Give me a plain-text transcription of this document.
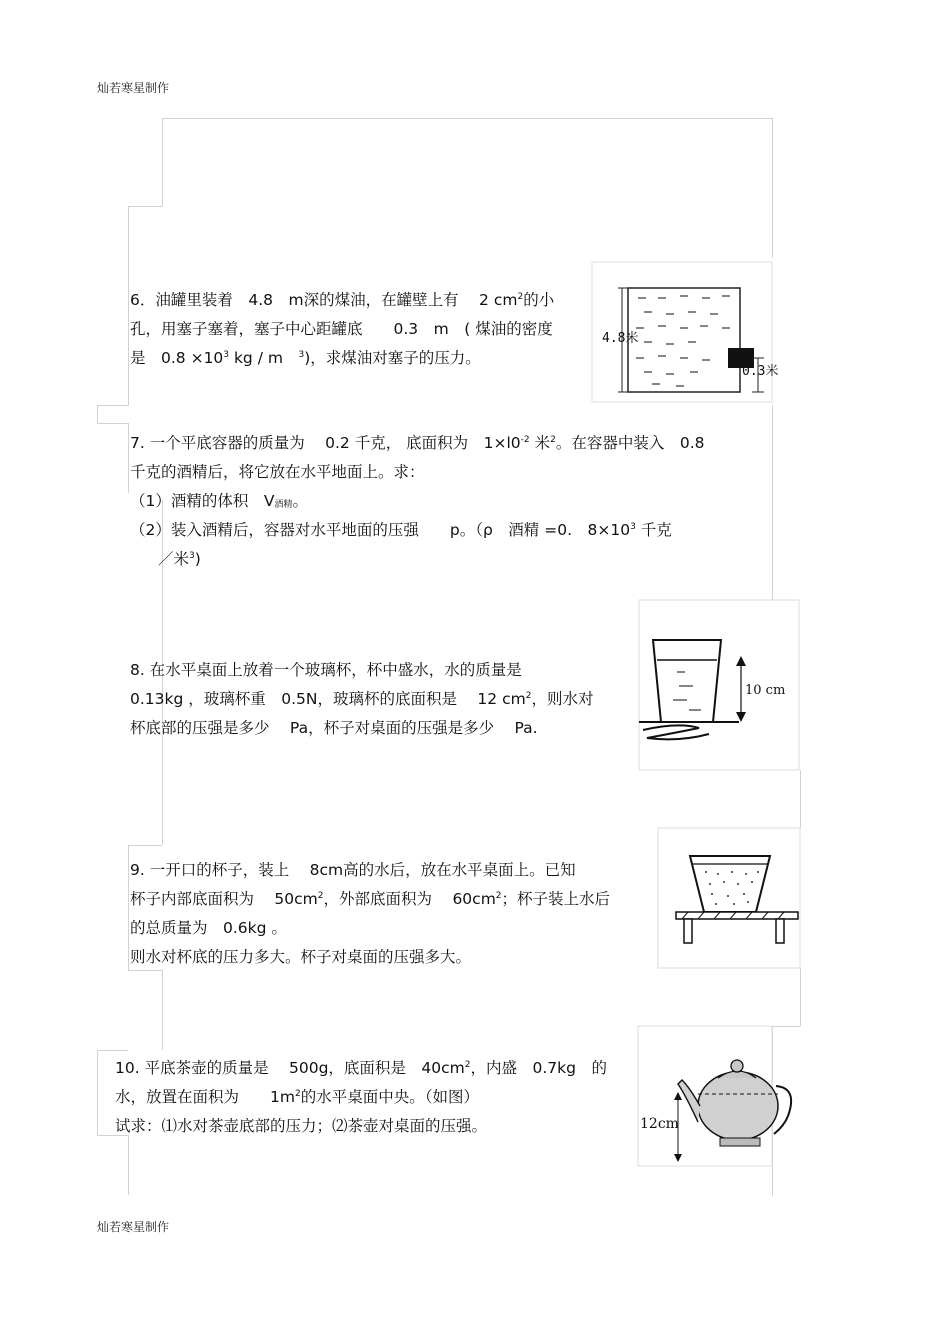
灿若寒星制作
灿若寒星制作
6．油罐里装着　4.8　m深的煤油，在罐壁上有　 2 $cm^2$的小
孔，用塞子塞着，塞子中心距罐底　　0.3　m　( 煤油的密度
是　$0.8 \times 10^3$ kg / m　$^3$)，求煤油对塞子的压力。
4.8米
0.3米
7. 一个平底容器的质量为　 0.2 千克， 底面积为　$1\times l0^{-2}$ 米$^2$。在容器中装入　0.8
千克的酒精后，将它放在水平地面上。求：
（1）酒精的体积　$V_{酒精}$。
（2）装入酒精后，容器对水平地面的压强　　p。（ρ　酒精 =0.　$8\times 10^3$ 千克
／米$^3$)
8. 在水平桌面上放着一个玻璃杯，杯中盛水，水的质量是
0.13kg ，玻璃杯重　0.5N，玻璃杯的底面积是　 12 $cm^2$，则水对
杯底部的压强是多少　 Pa，杯子对桌面的压强是多少　 Pa.
10 cm
9. 一开口的杯子，装上　 8cm高的水后，放在水平桌面上。已知
杯子内部底面积为　 $50cm^2$，外部底面积为　 $60cm^2$；杯子装上水后
的总质量为　0.6kg 。
则水对杯底的压力多大。杯子对桌面的压强多大。
10. 平底茶壶的质量是　 500g，底面积是　$40cm^2$，内盛　0.7kg　的
水，放置在面积为　　$1m^2$的水平桌面中央。（如图）
试求：⑴水对茶壶底部的压力；⑵茶壶对桌面的压强。	12cm
